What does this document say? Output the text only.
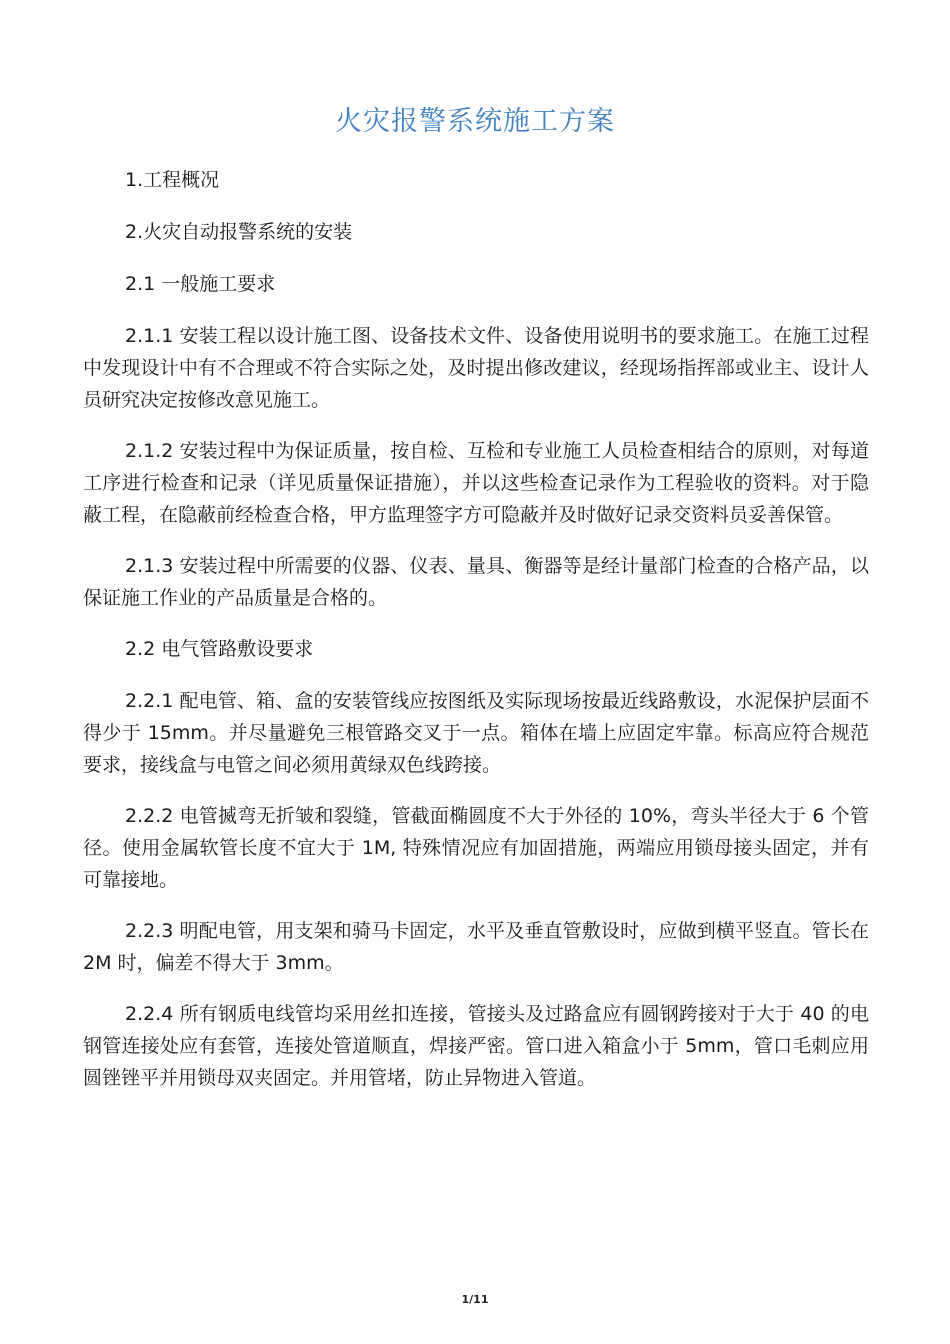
火灾报警系统施工方案
1.工程概况
2.火灾自动报警系统的安装
2.1 一般施工要求
2.1.1 安装工程以设计施工图、设备技术文件、设备使用说明书的要求施工。在施工过程中发现设计中有不合理或不符合实际之处，及时提出修改建议，经现场指挥部或业主、设计人员研究决定按修改意见施工。
2.1.2 安装过程中为保证质量，按自检、互检和专业施工人员检查相结合的原则，对每道工序进行检查和记录（详见质量保证措施），并以这些检查记录作为工程验收的资料。对于隐蔽工程，在隐蔽前经检查合格，甲方监理签字方可隐蔽并及时做好记录交资料员妥善保管。
2.1.3 安装过程中所需要的仪器、仪表、量具、衡器等是经计量部门检查的合格产品，以保证施工作业的产品质量是合格的。
2.2 电气管路敷设要求
2.2.1 配电管、箱、盒的安装管线应按图纸及实际现场按最近线路敷设，水泥保护层面不得少于 15mm。并尽量避免三根管路交叉于一点。箱体在墙上应固定牢靠。标高应符合规范要求，接线盒与电管之间必须用黄绿双色线跨接。
2.2.2 电管揻弯无折皱和裂缝，管截面椭圆度不大于外径的 10%，弯头半径大于 6 个管径。使用金属软管长度不宜大于 1M, 特殊情况应有加固措施，两端应用锁母接头固定，并有可靠接地。
2.2.3 明配电管，用支架和骑马卡固定，水平及垂直管敷设时，应做到横平竖直。管长在 2M 时，偏差不得大于 3mm。
2.2.4 所有钢质电线管均采用丝扣连接，管接头及过路盒应有圆钢跨接对于大于 40 的电钢管连接处应有套管，连接处管道顺直，焊接严密。管口进入箱盒小于 5mm，管口毛刺应用圆锉锉平并用锁母双夹固定。并用管堵，防止异物进入管道。
1/11
